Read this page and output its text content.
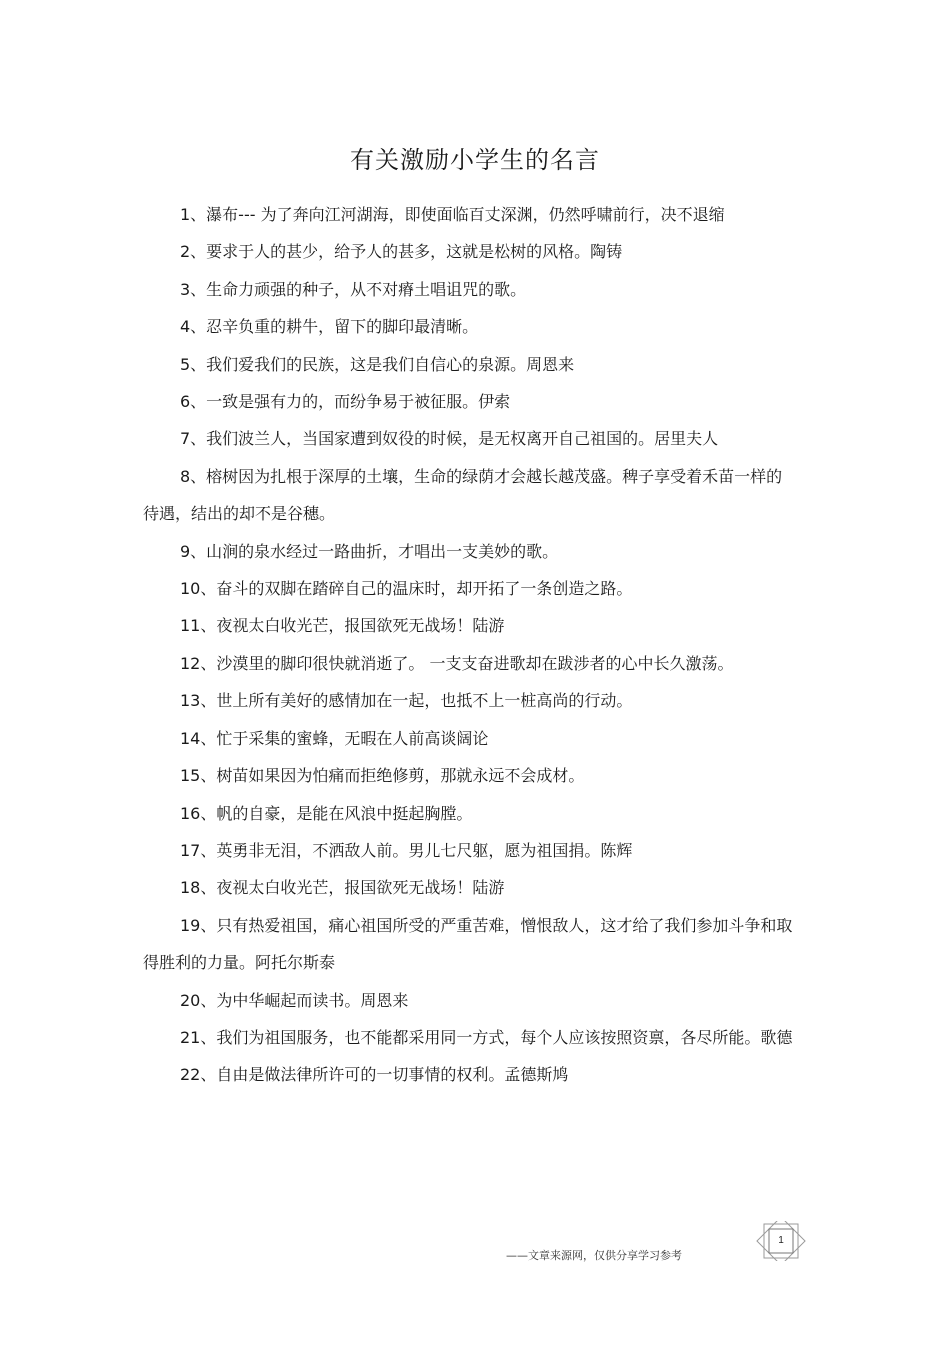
有关激励小学生的名言

1、瀑布--- 为了奔向江河湖海，即使面临百丈深渊，仍然呼啸前行，决不退缩

2、要求于人的甚少，给予人的甚多，这就是松树的风格。陶铸

3、生命力顽强的种子，从不对瘠土唱诅咒的歌。

4、忍辛负重的耕牛，留下的脚印最清晰。

5、我们爱我们的民族，这是我们自信心的泉源。周恩来

6、一致是强有力的，而纷争易于被征服。伊索

7、我们波兰人，当国家遭到奴役的时候，是无权离开自己祖国的。居里夫人

8、榕树因为扎根于深厚的土壤，生命的绿荫才会越长越茂盛。稗子享受着禾苗一样的待遇，结出的却不是谷穗。

9、山涧的泉水经过一路曲折，才唱出一支美妙的歌。

10、奋斗的双脚在踏碎自己的温床时，却开拓了一条创造之路。

11、夜视太白收光芒，报国欲死无战场！陆游

12、沙漠里的脚印很快就消逝了。 一支支奋进歌却在跋涉者的心中长久激荡。

13、世上所有美好的感情加在一起，也抵不上一桩高尚的行动。

14、忙于采集的蜜蜂，无暇在人前高谈阔论

15、树苗如果因为怕痛而拒绝修剪，那就永远不会成材。

16、帆的自豪，是能在风浪中挺起胸膛。

17、英勇非无泪，不洒敌人前。男儿七尺躯，愿为祖国捐。陈辉

18、夜视太白收光芒，报国欲死无战场！陆游

19、只有热爱祖国，痛心祖国所受的严重苦难，憎恨敌人，这才给了我们参加斗争和取得胜利的力量。阿托尔斯泰

20、为中华崛起而读书。周恩来

21、我们为祖国服务，也不能都采用同一方式，每个人应该按照资禀，各尽所能。歌德

22、自由是做法律所许可的一切事情的权利。孟德斯鸠

——文章来源网，仅供分享学习参考
1
